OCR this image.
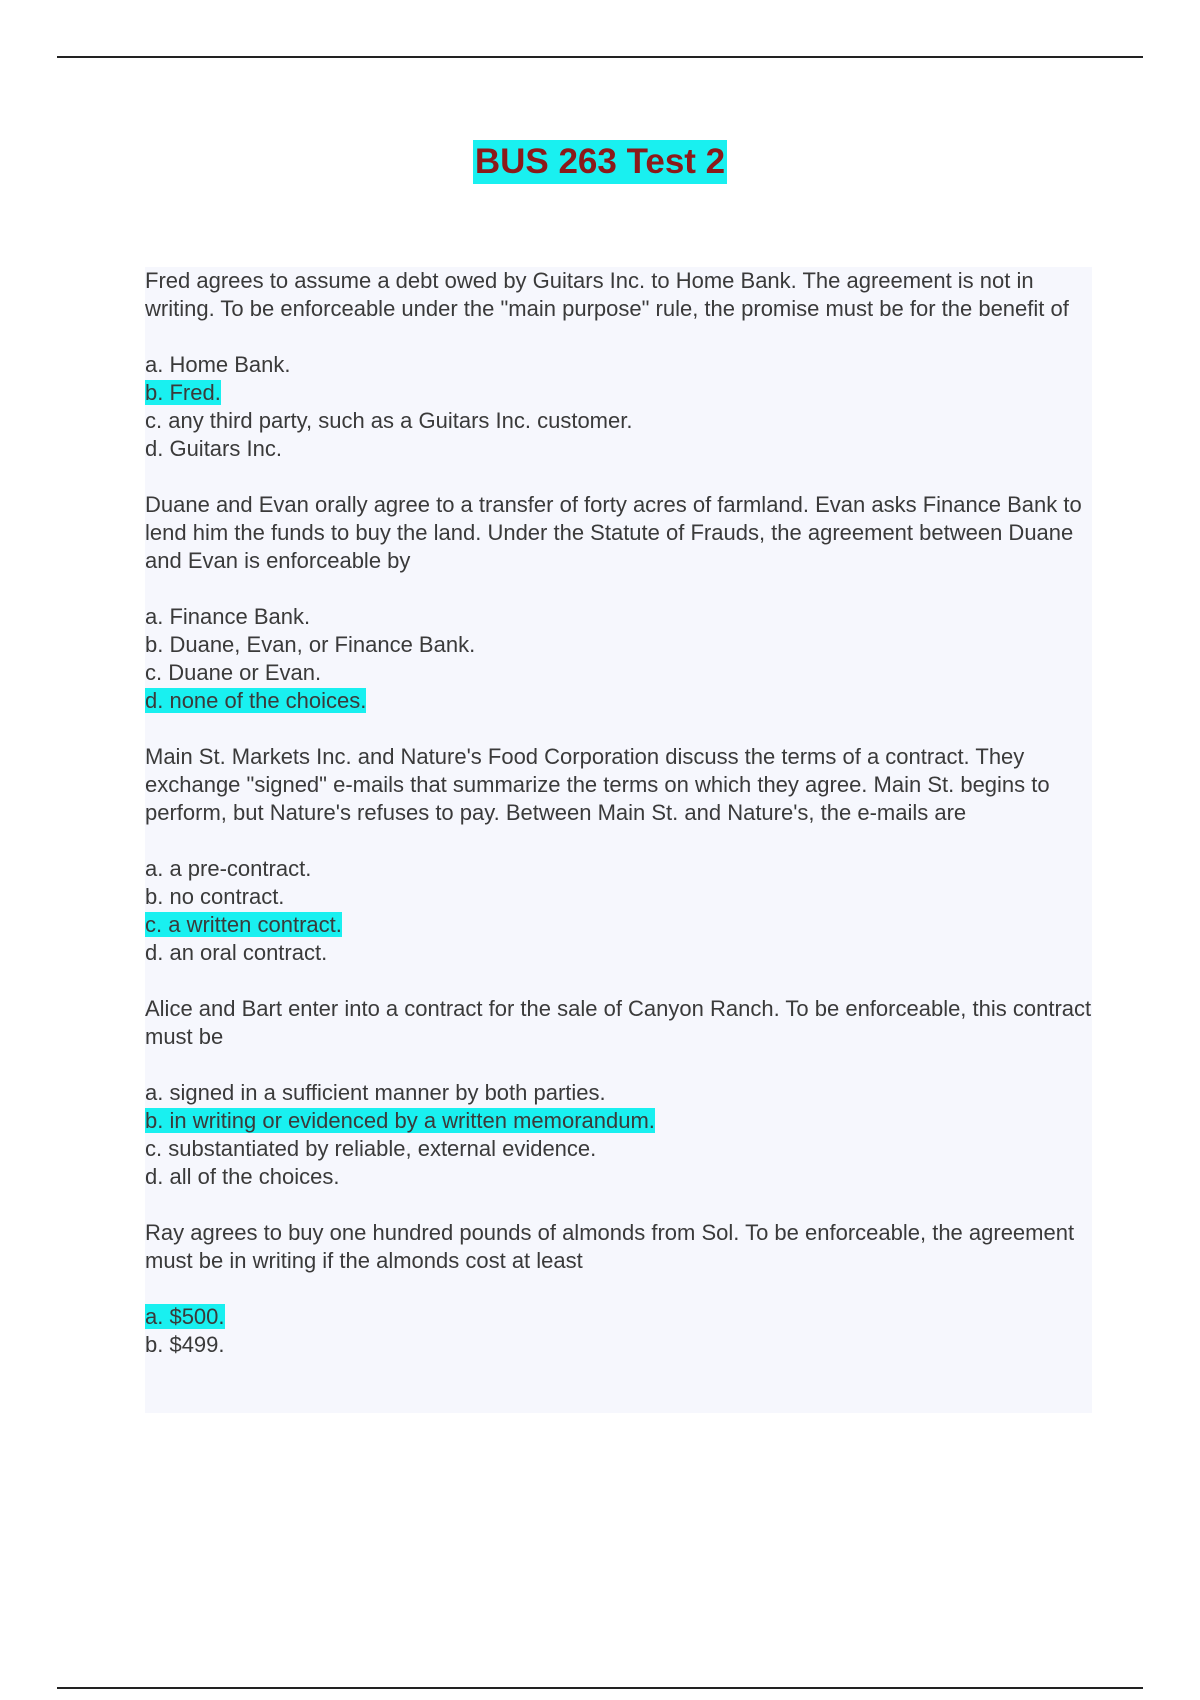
BUS 263 Test 2

Fred agrees to assume a debt owed by Guitars Inc. to Home Bank. The agreement is not in writing. To be enforceable under the "main purpose" rule, the promise must be for the benefit of

a. Home Bank.
b. Fred.
c. any third party, such as a Guitars Inc. customer.
d. Guitars Inc.

Duane and Evan orally agree to a transfer of forty acres of farmland. Evan asks Finance Bank to lend him the funds to buy the land. Under the Statute of Frauds, the agreement between Duane and Evan is enforceable by

a. Finance Bank.
b. Duane, Evan, or Finance Bank.
c. Duane or Evan.
d. none of the choices.

Main St. Markets Inc. and Nature's Food Corporation discuss the terms of a contract. They exchange "signed" e-mails that summarize the terms on which they agree. Main St. begins to perform, but Nature's refuses to pay. Between Main St. and Nature's, the e-mails are

a. a pre-contract.
b. no contract.
c. a written contract.
d. an oral contract.

Alice and Bart enter into a contract for the sale of Canyon Ranch. To be enforceable, this contract must be

a. signed in a sufficient manner by both parties.
b. in writing or evidenced by a written memorandum.
c. substantiated by reliable, external evidence.
d. all of the choices.

Ray agrees to buy one hundred pounds of almonds from Sol. To be enforceable, the agreement must be in writing if the almonds cost at least

a. $500.
b. $499.
